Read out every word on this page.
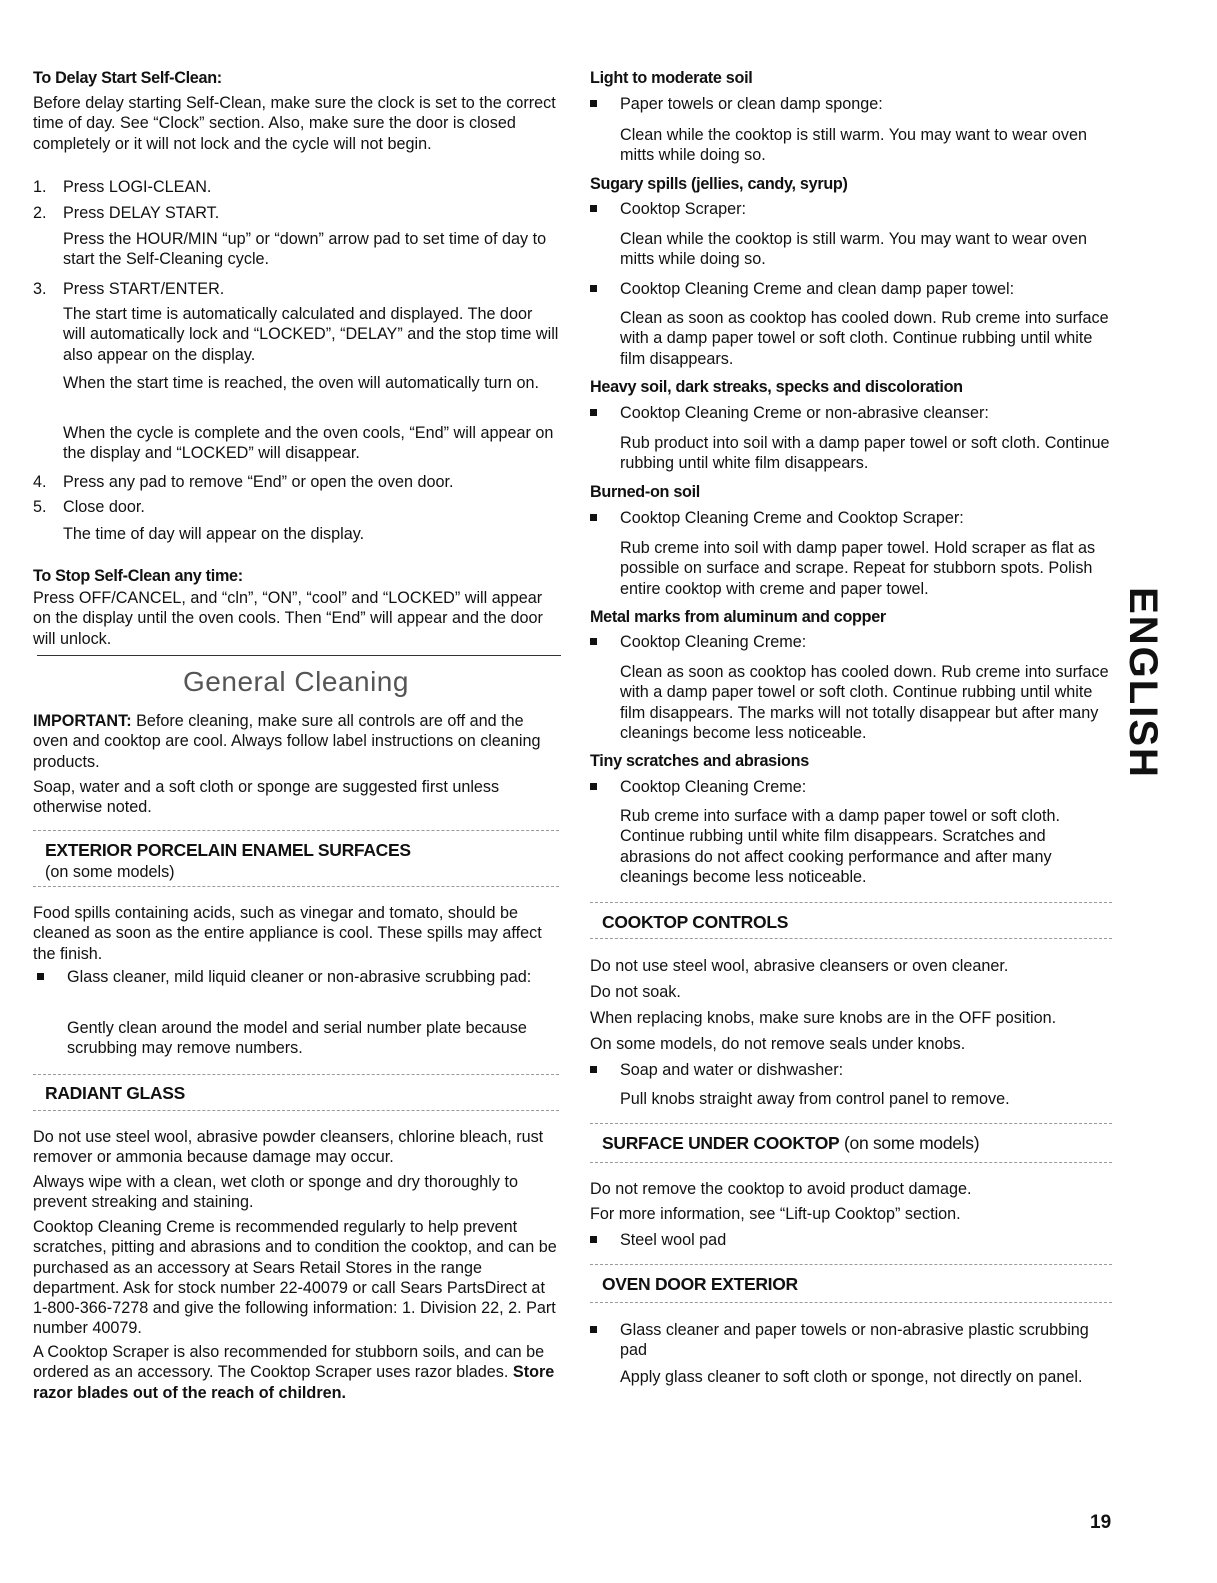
To Delay Start Self-Clean:
Before delay starting Self-Clean, make sure the clock is set to the correct time of day. See “Clock” section. Also, make sure the door is closed completely or it will not lock and the cycle will not begin.
1.	Press LOGI-CLEAN.
2.	Press DELAY START.
Press the HOUR/MIN “up” or “down” arrow pad to set time of day to start the Self-Cleaning cycle.
3.	Press START/ENTER.
The start time is automatically calculated and displayed. The door will automatically lock and “LOCKED”, “DELAY” and the stop time will also appear on the display.
When the start time is reached, the oven will automatically turn on.
When the cycle is complete and the oven cools, “End” will appear on the display and “LOCKED” will disappear.
4.	Press any pad to remove “End” or open the oven door.
5.	Close door.
The time of day will appear on the display.
To Stop Self-Clean any time:
Press OFF/CANCEL, and “cln”, “ON”, “cool” and “LOCKED” will appear on the display until the oven cools. Then “End” will appear and the door will unlock.
General Cleaning
IMPORTANT: Before cleaning, make sure all controls are off and the oven and cooktop are cool. Always follow label instructions on cleaning products.
Soap, water and a soft cloth or sponge are suggested first unless otherwise noted.
EXTERIOR PORCELAIN ENAMEL SURFACES
(on some models)
Food spills containing acids, such as vinegar and tomato, should be cleaned as soon as the entire appliance is cool. These spills may affect the finish.
Glass cleaner, mild liquid cleaner or non-abrasive scrubbing pad:
Gently clean around the model and serial number plate because scrubbing may remove numbers.
RADIANT GLASS
Do not use steel wool, abrasive powder cleansers, chlorine bleach, rust remover or ammonia because damage may occur.
Always wipe with a clean, wet cloth or sponge and dry thoroughly to prevent streaking and staining.
Cooktop Cleaning Creme is recommended regularly to help prevent scratches, pitting and abrasions and to condition the cooktop, and can be purchased as an accessory at Sears Retail Stores in the range department. Ask for stock number 22-40079 or call Sears PartsDirect at 1-800-366-7278 and give the following information: 1. Division 22, 2. Part number 40079.
A Cooktop Scraper is also recommended for stubborn soils, and can be ordered as an accessory. The Cooktop Scraper uses razor blades. Store razor blades out of the reach of children.
Light to moderate soil
Paper towels or clean damp sponge:
Clean while the cooktop is still warm. You may want to wear oven mitts while doing so.
Sugary spills (jellies, candy, syrup)
Cooktop Scraper:
Clean while the cooktop is still warm. You may want to wear oven mitts while doing so.
Cooktop Cleaning Creme and clean damp paper towel:
Clean as soon as cooktop has cooled down. Rub creme into surface with a damp paper towel or soft cloth. Continue rubbing until white film disappears.
Heavy soil, dark streaks, specks and discoloration
Cooktop Cleaning Creme or non-abrasive cleanser:
Rub product into soil with a damp paper towel or soft cloth. Continue rubbing until white film disappears.
Burned-on soil
Cooktop Cleaning Creme and Cooktop Scraper:
Rub creme into soil with damp paper towel. Hold scraper as flat as possible on surface and scrape. Repeat for stubborn spots. Polish entire cooktop with creme and paper towel.
Metal marks from aluminum and copper
Cooktop Cleaning Creme:
Clean as soon as cooktop has cooled down. Rub creme into surface with a damp paper towel or soft cloth. Continue rubbing until white film disappears. The marks will not totally disappear but after many cleanings become less noticeable.
Tiny scratches and abrasions
Cooktop Cleaning Creme:
Rub creme into surface with a damp paper towel or soft cloth. Continue rubbing until white film disappears. Scratches and abrasions do not affect cooking performance and after many cleanings become less noticeable.
COOKTOP CONTROLS
Do not use steel wool, abrasive cleansers or oven cleaner.
Do not soak.
When replacing knobs, make sure knobs are in the OFF position.
On some models, do not remove seals under knobs.
Soap and water or dishwasher:
Pull knobs straight away from control panel to remove.
SURFACE UNDER COOKTOP (on some models)
Do not remove the cooktop to avoid product damage.
For more information, see “Lift-up Cooktop” section.
Steel wool pad
OVEN DOOR EXTERIOR
Glass cleaner and paper towels or non-abrasive plastic scrubbing pad
Apply glass cleaner to soft cloth or sponge, not directly on panel.
ENGLISH
19
